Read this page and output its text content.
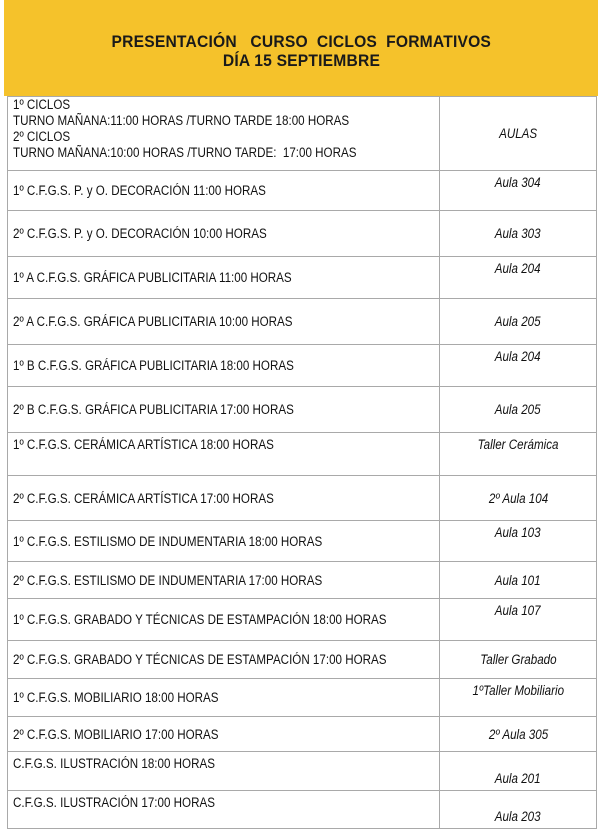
PRESENTACIÓN   CURSO  CICLOS  FORMATIVOS
DÍA 15 SEPTIEMBRE
1º CICLOS
TURNO MAÑANA:11:00 HORAS /TURNO TARDE 18:00 HORAS
2º CICLOS
TURNO MAÑANA:10:00 HORAS /TURNO TARDE:  17:00 HORAS	AULAS
1º C.F.G.S. P. y O. DECORACIÓN 11:00 HORAS	Aula 304
2º C.F.G.S. P. y O. DECORACIÓN 10:00 HORAS	Aula 303
1º A C.F.G.S. GRÁFICA PUBLICITARIA 11:00 HORAS	Aula 204
2º A C.F.G.S. GRÁFICA PUBLICITARIA 10:00 HORAS	Aula 205
1º B C.F.G.S. GRÁFICA PUBLICITARIA 18:00 HORAS	Aula 204
2º B C.F.G.S. GRÁFICA PUBLICITARIA 17:00 HORAS	Aula 205
1º C.F.G.S. CERÁMICA ARTÍSTICA 18:00 HORAS	Taller Cerámica
2º C.F.G.S. CERÁMICA ARTÍSTICA 17:00 HORAS	2º Aula 104
1º C.F.G.S. ESTILISMO DE INDUMENTARIA 18:00 HORAS	Aula 103
2º C.F.G.S. ESTILISMO DE INDUMENTARIA 17:00 HORAS	Aula 101
1º C.F.G.S. GRABADO Y TÉCNICAS DE ESTAMPACIÓN 18:00 HORAS	Aula 107
2º C.F.G.S. GRABADO Y TÉCNICAS DE ESTAMPACIÓN 17:00 HORAS	Taller Grabado
1º C.F.G.S. MOBILIARIO 18:00 HORAS	1ºTaller Mobiliario
2º C.F.G.S. MOBILIARIO 17:00 HORAS	2º Aula 305
C.F.G.S. ILUSTRACIÓN 18:00 HORAS	Aula 201
C.F.G.S. ILUSTRACIÓN 17:00 HORAS	Aula 203
